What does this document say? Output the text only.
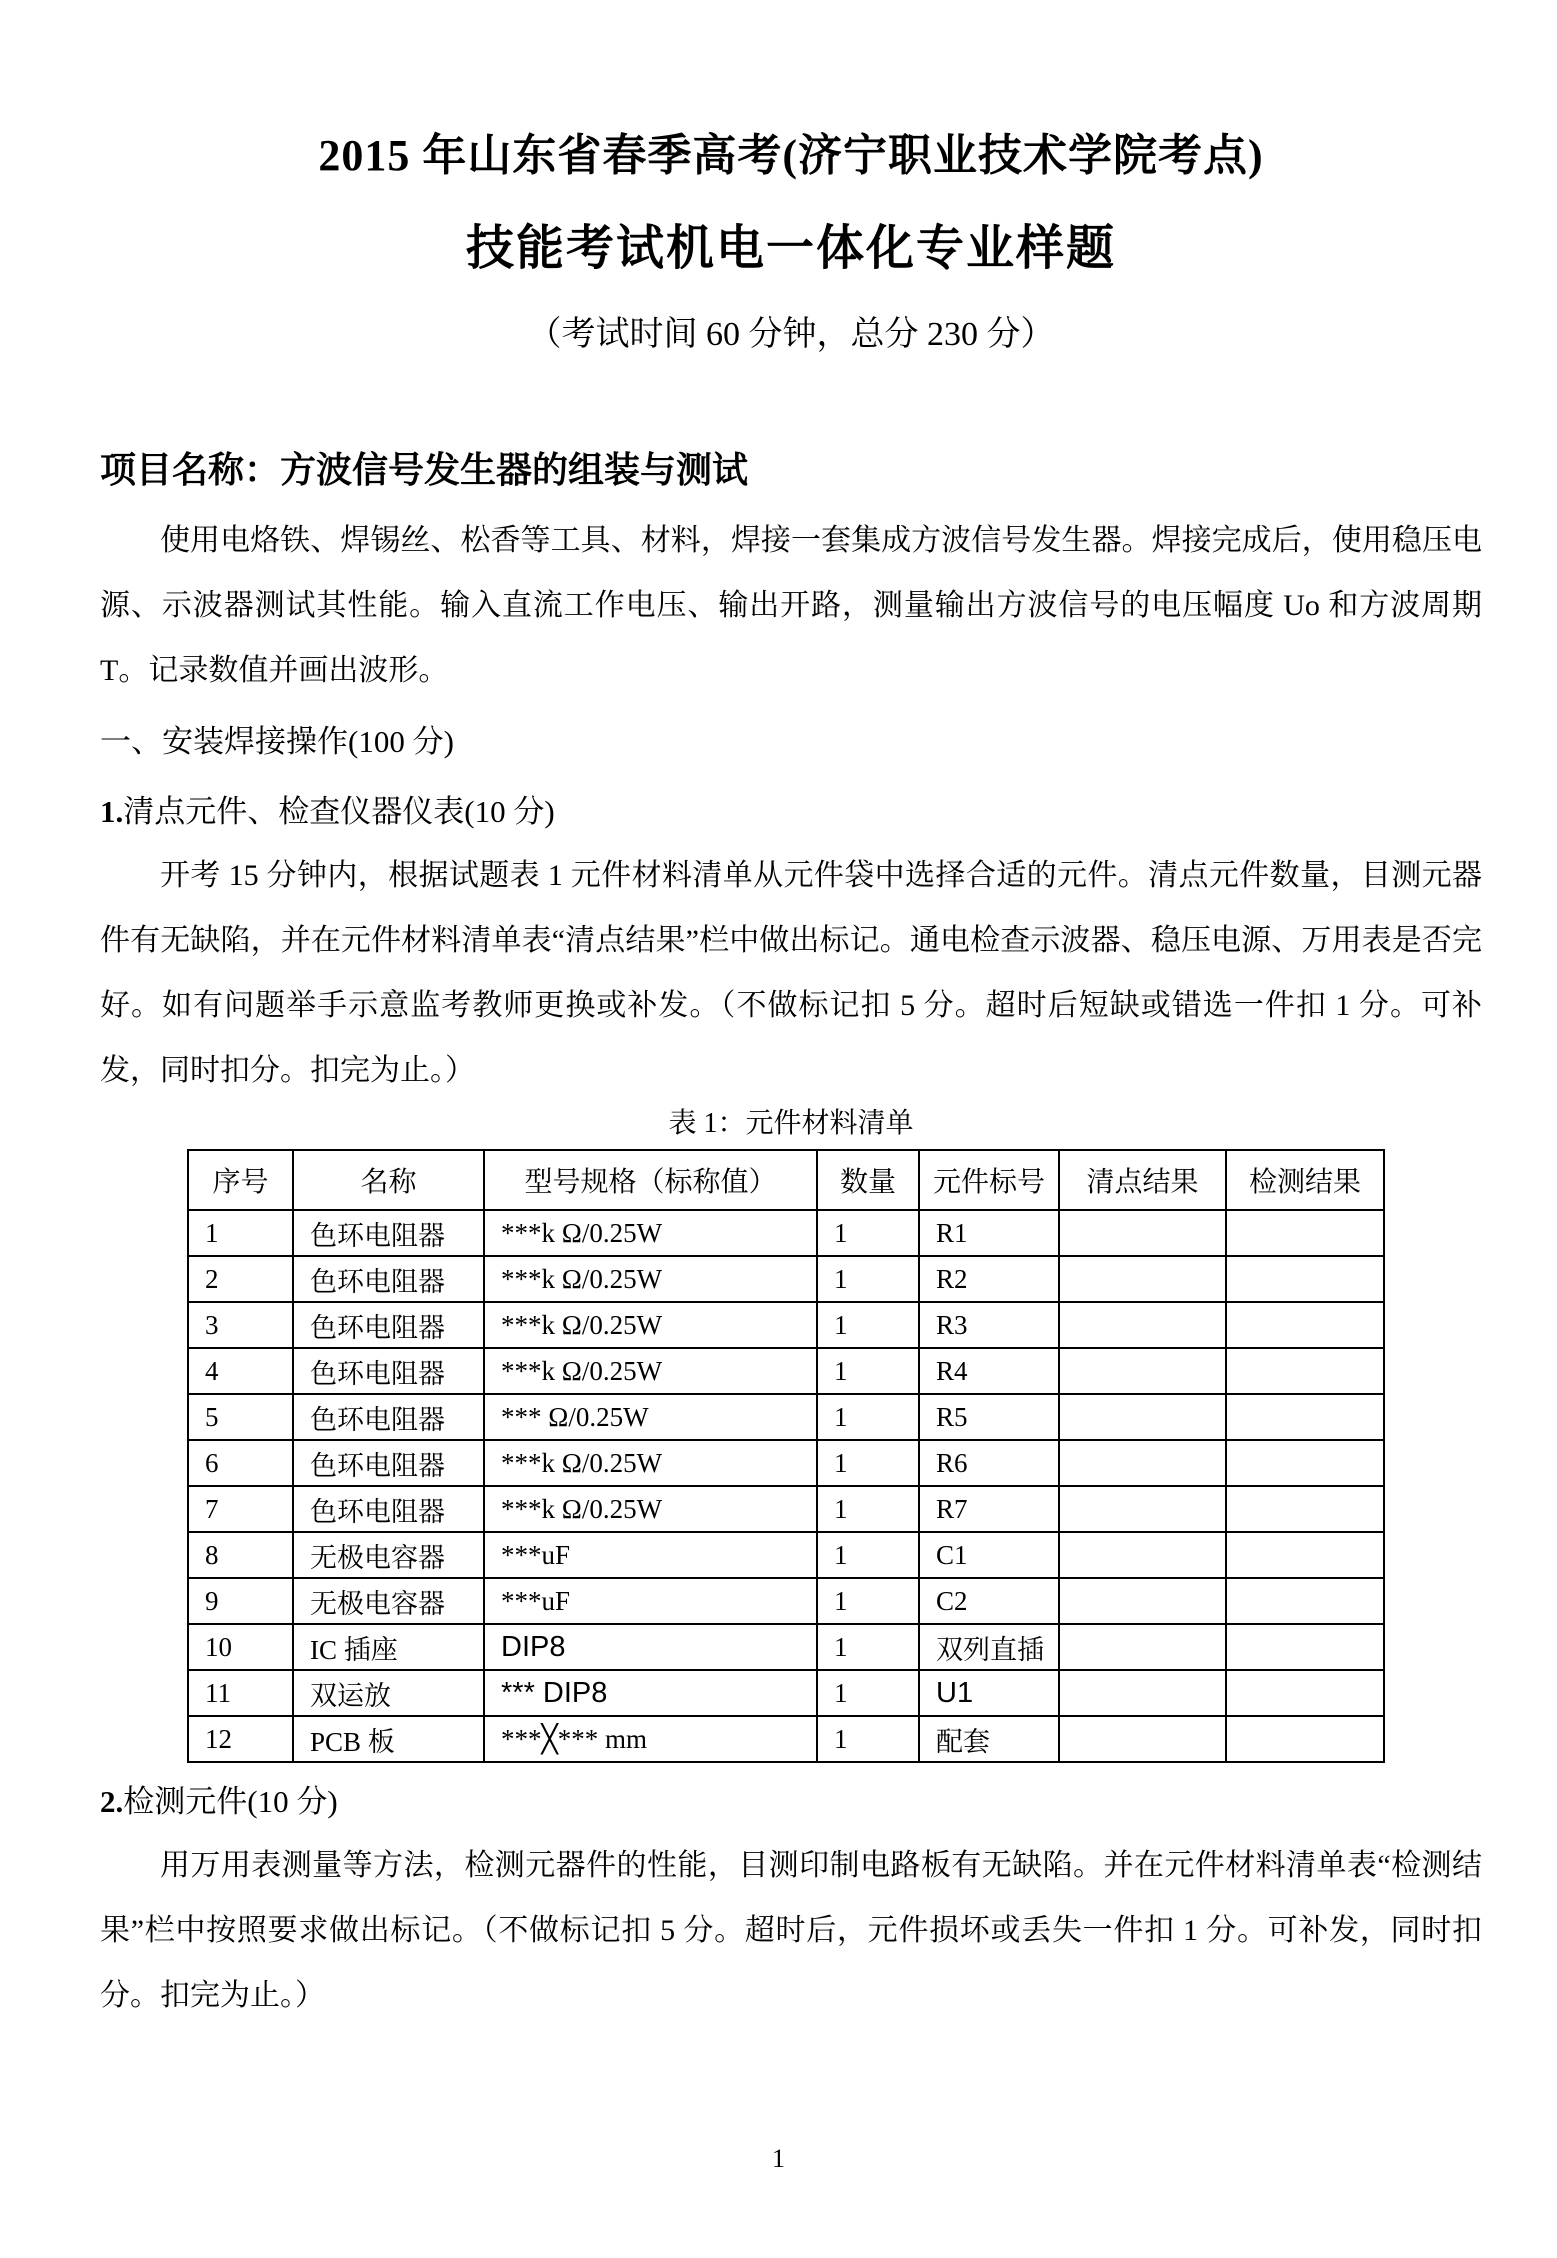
2015 年山东省春季高考(济宁职业技术学院考点)
技能考试机电一体化专业样题

（考试时间 60 分钟，总分 230 分）

项目名称：方波信号发生器的组装与测试

使用电烙铁、焊锡丝、松香等工具、材料，焊接一套集成方波信号发生器。焊接完成后，使用稳压电源、示波器测试其性能。输入直流工作电压、输出开路，测量输出方波信号的电压幅度 Uo 和方波周期 T。记录数值并画出波形。

一、安装焊接操作(100 分)
1.清点元件、检查仪器仪表(10 分)

开考 15 分钟内，根据试题表 1 元件材料清单从元件袋中选择合适的元件。清点元件数量，目测元器件有无缺陷，并在元件材料清单表“清点结果”栏中做出标记。通电检查示波器、稳压电源、万用表是否完好。如有问题举手示意监考教师更换或补发。（不做标记扣 5 分。超时后短缺或错选一件扣 1 分。可补发，同时扣分。扣完为止。）

表 1：元件材料清单
序号	名称	型号规格（标称值）	数量	元件标号	清点结果	检测结果
1	色环电阻器	***k Ω/0.25W	1	R1		
2	色环电阻器	***k Ω/0.25W	1	R2		
3	色环电阻器	***k Ω/0.25W	1	R3		
4	色环电阻器	***k Ω/0.25W	1	R4		
5	色环电阻器	*** Ω/0.25W	1	R5		
6	色环电阻器	***k Ω/0.25W	1	R6		
7	色环电阻器	***k Ω/0.25W	1	R7		
8	无极电容器	***uF	1	C1		
9	无极电容器	***uF	1	C2		
10	IC 插座	DIP8	1	双列直插		
11	双运放	*** DIP8	1	U1		
12	PCB 板	***╳*** mm	1	配套		
2.检测元件(10 分)

用万用表测量等方法，检测元器件的性能，目测印制电路板有无缺陷。并在元件材料清单表“检测结果”栏中按照要求做出标记。（不做标记扣 5 分。超时后，元件损坏或丢失一件扣 1 分。可补发，同时扣分。扣完为止。）

1
